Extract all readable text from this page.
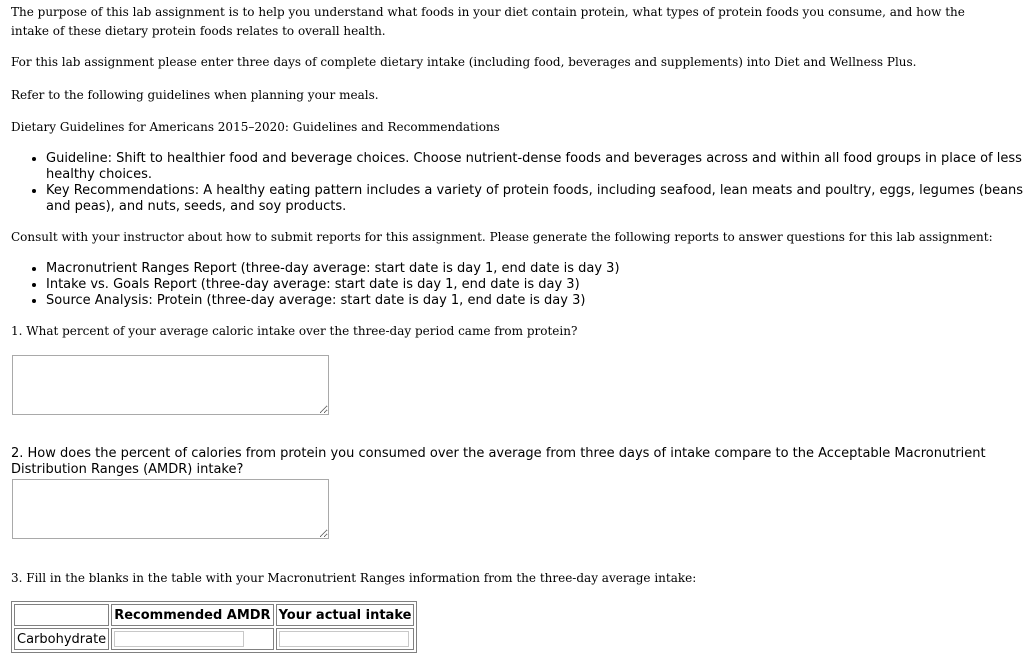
The purpose of this lab assignment is to help you understand what foods in your diet contain protein, what types of protein foods you consume, and how the intake of these dietary protein foods relates to overall health.
For this lab assignment please enter three days of complete dietary intake (including food, beverages and supplements) into Diet and Wellness Plus.
Refer to the following guidelines when planning your meals.
Dietary Guidelines for Americans 2015–2020: Guidelines and Recommendations
• Guideline: Shift to healthier food and beverage choices. Choose nutrient-dense foods and beverages across and within all food groups in place of less healthy choices.
• Key Recommendations: A healthy eating pattern includes a variety of protein foods, including seafood, lean meats and poultry, eggs, legumes (beans and peas), and nuts, seeds, and soy products.
Consult with your instructor about how to submit reports for this assignment. Please generate the following reports to answer questions for this lab assignment:
• Macronutrient Ranges Report (three-day average: start date is day 1, end date is day 3)
• Intake vs. Goals Report (three-day average: start date is day 1, end date is day 3)
• Source Analysis: Protein (three-day average: start date is day 1, end date is day 3)
1. What percent of your average caloric intake over the three-day period came from protein?
2. How does the percent of calories from protein you consumed over the average from three days of intake compare to the Acceptable Macronutrient Distribution Ranges (AMDR) intake?
3. Fill in the blanks in the table with your Macronutrient Ranges information from the three-day average intake:
	Recommended AMDR	Your actual intake
Carbohydrate		
